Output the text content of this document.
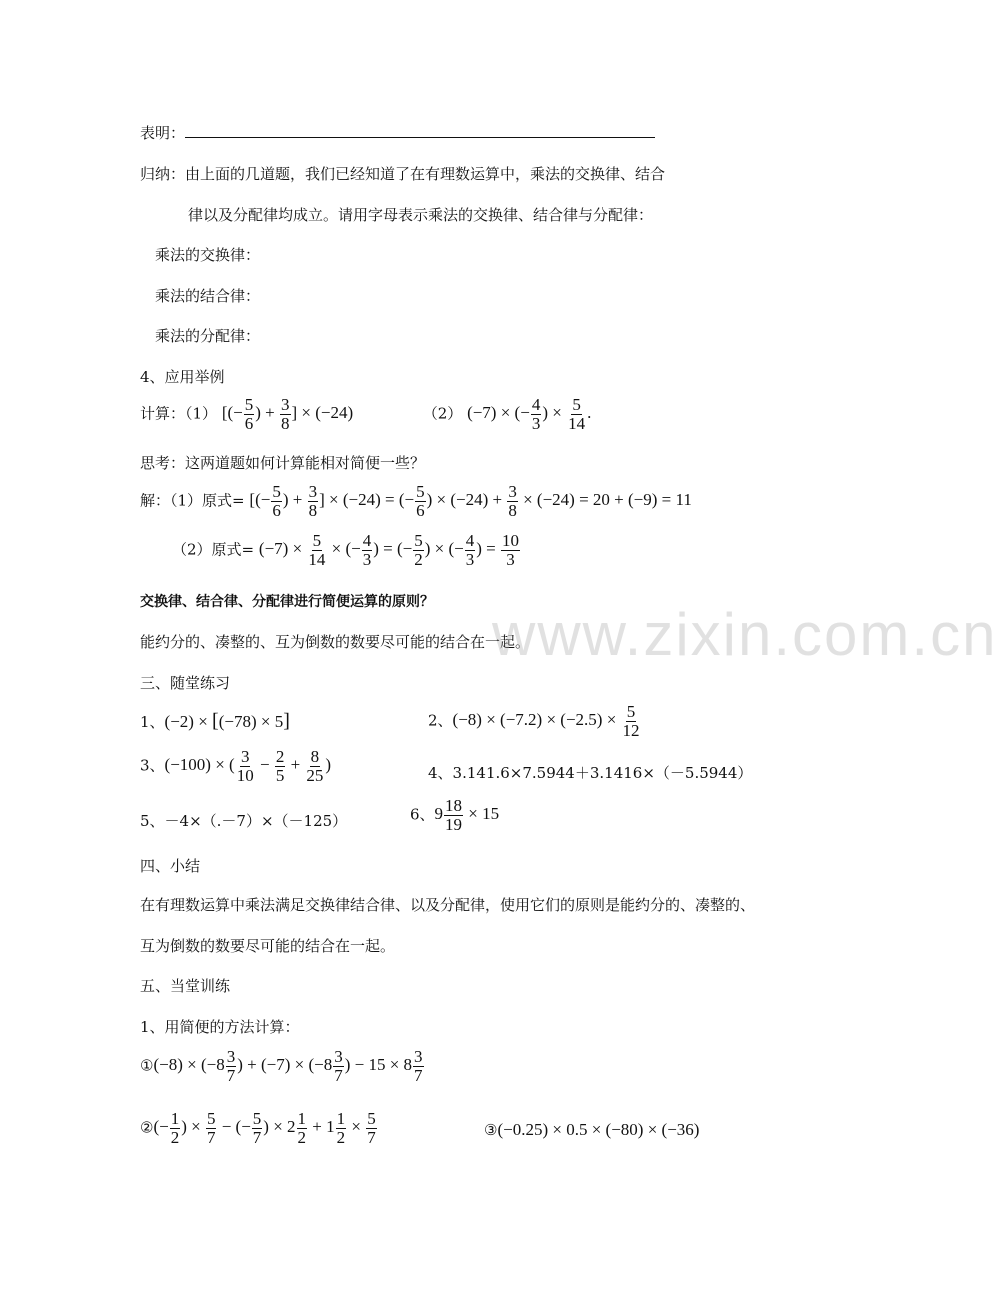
表明：
归纳：由上面的几道题，我们已经知道了在有理数运算中，乘法的交换律、结合
律以及分配律均成立。请用字母表示乘法的交换律、结合律与分配律：
乘法的交换律：
乘法的结合律：
乘法的分配律：
4、应用举例
计算：（1） [(− $\frac{5}{6}$ ) + $\frac{3}{8}$ ] × (−24)	（2） (−7) × (− $\frac{4}{3}$ ) × $\frac{5}{14}$ .
思考：这两道题如何计算能相对简便一些？
解：（1）原式= [(− $\frac{5}{6}$ ) + $\frac{3}{8}$ ] × (−24) = (− $\frac{5}{6}$ ) × $(-24) + \frac{3}{8} \times (-24) = 20 + (-9) = 11$
（2）原式= $(-7) \times \frac{5}{14}$ × (− $\frac{4}{3}$ ) = (− $\frac{5}{2}$ ) × (− $\frac{4}{3}$ ) = $\frac{10}{3}$
交换律、结合律、分配律进行简便运算的原则？
能约分的、凑整的、互为倒数的数要尽可能的结合在一起。
www.zixin.com.cn
三、随堂练习
1、(−2) × [(−78) × 5]	2、$(-8) \times (-7.2) \times (-2.5) \times \frac{5}{12}$
3、(−100) × ( $\frac{3}{10} - \frac{2}{5} + \frac{8}{25}$ )	4、3.141.6×7.5944＋3.1416×（－5.5944）
5、－4×（.－7）×（－125）	6、$9 \frac{18}{19} \times 15$
四、小结
在有理数运算中乘法满足交换律结合律、以及分配律，使用它们的原则是能约分的、凑整的、
互为倒数的数要尽可能的结合在一起。
五、当堂训练
1、用简便的方法计算：
①(−8) × ($-8 \frac{3}{7}$ ) + $(-7) \times (-8 \frac{3}{7}$ ) − $15 \times 8 \frac{3}{7}$
②(− $\frac{1}{2}$ ) × $\frac{5}{7}$ − (− $\frac{5}{7}$ ) × $2 \frac{1}{2} + 1 \frac{1}{2} \times \frac{5}{7}$	③(−0.25) × 0.5 × (−80) × (−36)
